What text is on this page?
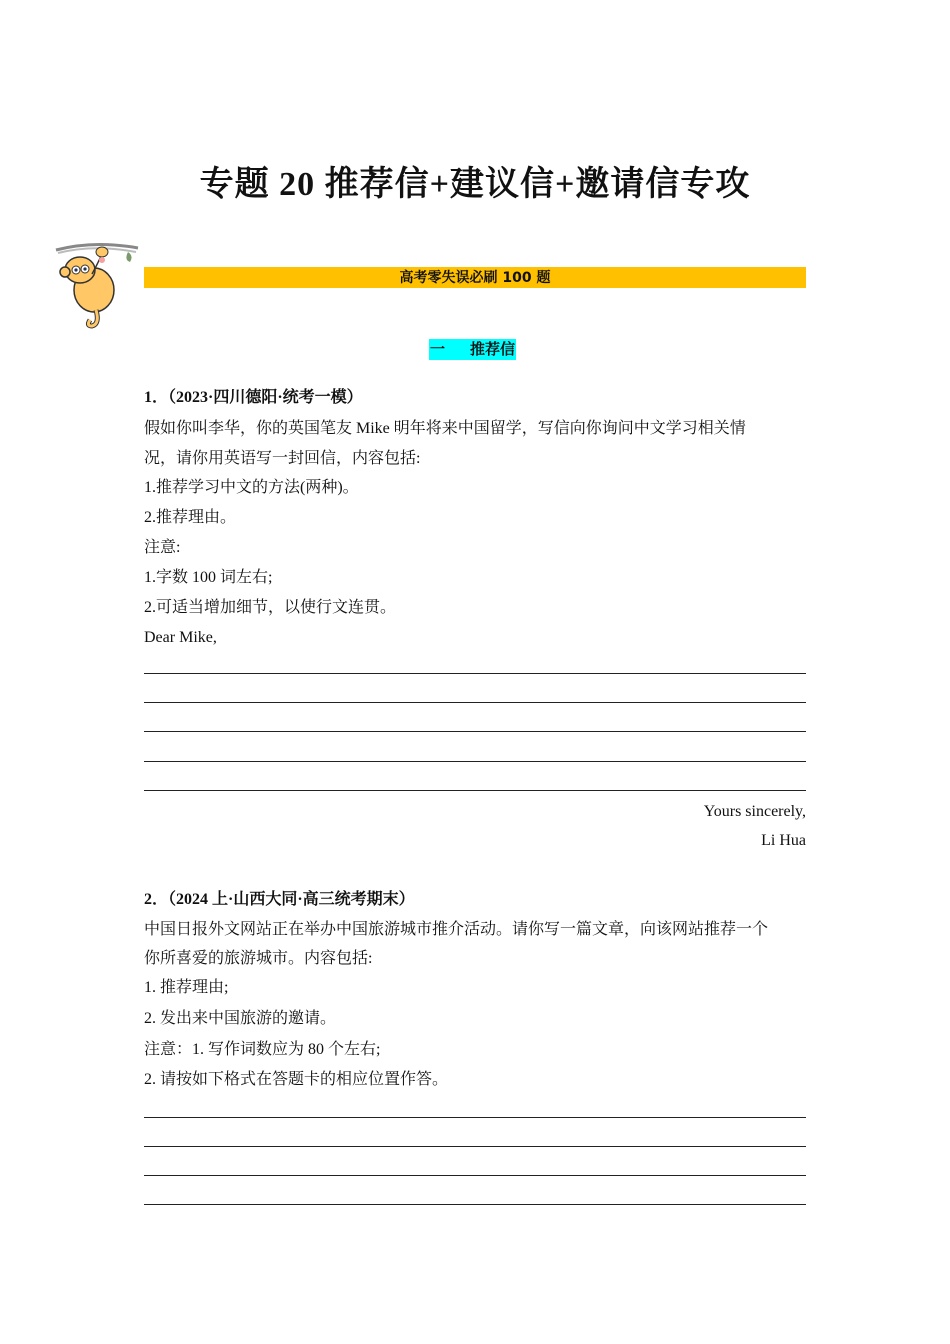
专题 20 推荐信+建议信+邀请信专攻
高考零失误必刷 100 题
一 推荐信
1．（2023·四川德阳·统考一模）
假如你叫李华，你的英国笔友 Mike 明年将来中国留学，写信向你询问中文学习相关情
况，请你用英语写一封回信，内容包括:
1.推荐学习中文的方法(两种)。
2.推荐理由。
注意:
1.字数 100 词左右;
2.可适当增加细节，以使行文连贯。
Dear Mike,
Yours sincerely,
Li Hua
2．（2024 上·山西大同·高三统考期末）
中国日报外文网站正在举办中国旅游城市推介活动。请你写一篇文章，向该网站推荐一个
你所喜爱的旅游城市。内容包括:
1. 推荐理由;
2. 发出来中国旅游的邀请。
注意：1. 写作词数应为 80 个左右;
2. 请按如下格式在答题卡的相应位置作答。
